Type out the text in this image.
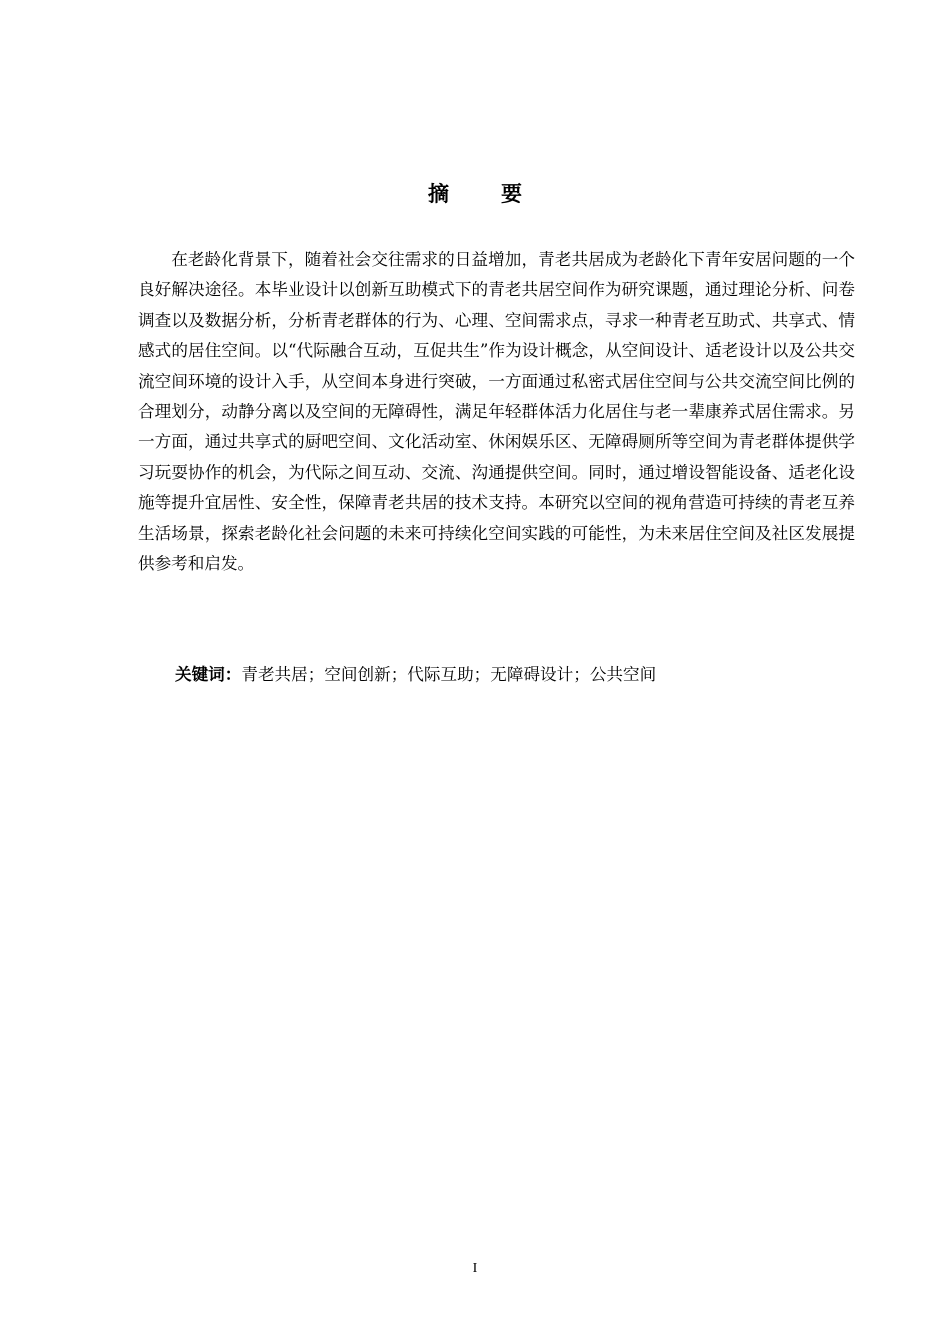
摘 要

在老龄化背景下，随着社会交往需求的日益增加，青老共居成为老龄化下青年安居问题的一个良好解决途径。本毕业设计以创新互助模式下的青老共居空间作为研究课题，通过理论分析、问卷调查以及数据分析，分析青老群体的行为、心理、空间需求点，寻求一种青老互助式、共享式、情感式的居住空间。以“代际融合互动，互促共生”作为设计概念，从空间设计、适老设计以及公共交流空间环境的设计入手，从空间本身进行突破，一方面通过私密式居住空间与公共交流空间比例的合理划分，动静分离以及空间的无障碍性，满足年轻群体活力化居住与老一辈康养式居住需求。另一方面，通过共享式的厨吧空间、文化活动室、休闲娱乐区、无障碍厕所等空间为青老群体提供学习玩耍协作的机会，为代际之间互动、交流、沟通提供空间。同时，通过增设智能设备、适老化设施等提升宜居性、安全性，保障青老共居的技术支持。本研究以空间的视角营造可持续的青老互养生活场景，探索老龄化社会问题的未来可持续化空间实践的可能性，为未来居住空间及社区发展提供参考和启发。

关键词：青老共居；空间创新；代际互助；无障碍设计；公共空间
I
